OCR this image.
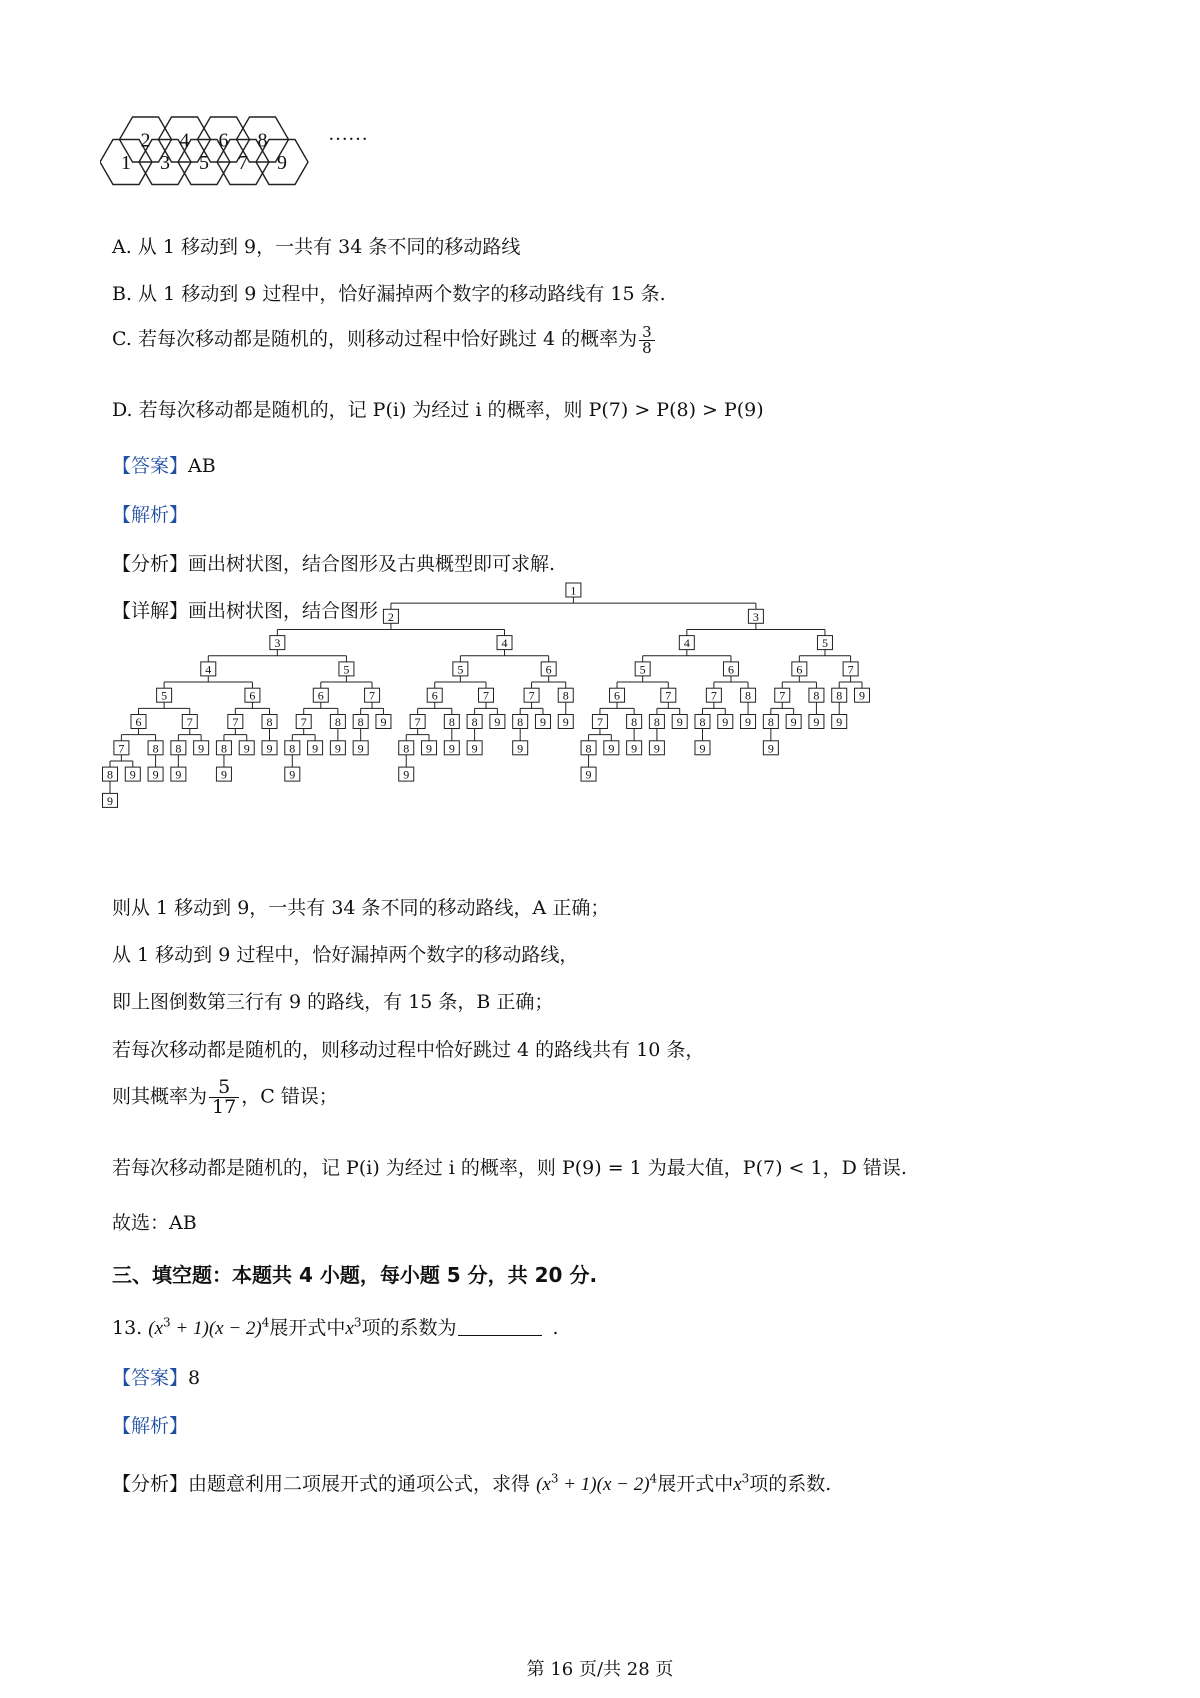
1 3 5 7 9
2 4 6 8	……
A. 从 1 移动到 9，一共有 34 条不同的移动路线
B. 从 1 移动到 9 过程中，恰好漏掉两个数字的移动路线有 15 条.
C. 若每次移动都是随机的，则移动过程中恰好跳过 4 的概率为 $\frac{3}{8}$
D. 若每次移动都是随机的，记 P(i) 为经过 i 的概率，则 P(7) > P(8) > P(9)
【答案】AB
【解析】
【分析】画出树状图，结合图形及古典概型即可求解.
【详解】画出树状图，结合图形
1
2
3
4
5
6
7
8
9
9
8
9
7
8
9
9
6
7
8
9
9
8
9
5
6
7
8
9
9
8
9
7
8
9
9
4
5
6
7
8
9
9
8
9
7
8
9
9
6
7
8
9
9
8
9
3
4
5
6
7
8
9
9
8
9
7
8
9
9
6
7
8
9
9
8
9
5
6
7
8
9
9
8
9
7
8
9
9
则从 1 移动到 9，一共有 34 条不同的移动路线，A 正确；
从 1 移动到 9 过程中，恰好漏掉两个数字的移动路线，
即上图倒数第三行有 9 的路线，有 15 条，B 正确；
若每次移动都是随机的，则移动过程中恰好跳过 4 的路线共有 10 条，
则其概率为 $\frac{5}{17}$ ，C 错误；
若每次移动都是随机的，记 P(i) 为经过 i 的概率，则 P(9) = 1 为最大值，P(7) < 1，D 错误.
故选：AB
三、填空题：本题共 4 小题，每小题 5 分，共 20 分.
13. $(x^3 + 1)(x - 2)^4$展开式中$x^3$项的系数为	.
【答案】8
【解析】
【分析】由题意利用二项展开式的通项公式，求得 $(x^3 + 1)(x - 2)^4$展开式中$x^3$项的系数.
第 16 页/共 28 页
